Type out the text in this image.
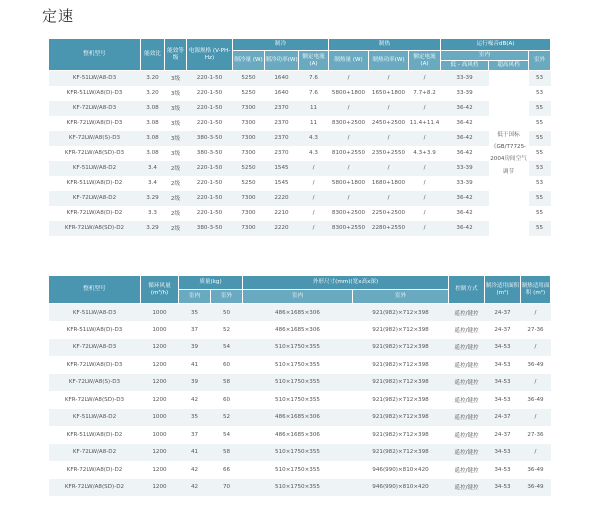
定速
整机型号	能效比	能效等级	电源规格 (V-PH-Hz)	制冷			制热			运行噪音dB(A)		
				制冷量 (W)	制冷功率(W)	额定电流 (A)	制热量 (W)	制热功率(W)	额定电流 (A)	室内		室外
										低 - 高风档	超高风档	
KF-51LW/A8-D3	3.20	3级	220-1-50	5250	1640	7.6	/	/	/	33-39	低于国标《GB/T7725-2004房间空气调节	53
KFR-51LW/A8(D)-D3	3.20	3级	220-1-50	5250	1640	7.6	5800+1800	1650+1800	7.7+8.2	33-39		53
KF-72LW/A8-D3	3.08	3级	220-1-50	7300	2370	11	/	/	/	36-42		55
KFR-72LW/A8(D)-D3	3.08	3级	220-1-50	7300	2370	11	8300+2500	2450+2500	11.4+11.4	36-42		55
KF-72LW/A8(S)-D3	3.08	3级	380-3-50	7300	2370	4.3	/	/	/	36-42		55
KFR-72LW/A8(SD)-D3	3.08	3级	380-3-50	7300	2370	4.3	8100+2550	2350+2550	4.3+3.9	36-42		55
KF-51LW/A8-D2	3.4	2级	220-1-50	5250	1545	/	/	/	/	33-39		53
KFR-51LW/A8(D)-D2	3.4	2级	220-1-50	5250	1545	/	5800+1800	1680+1800	/	33-39		53
KF-72LW/A8-D2	3.29	2级	220-1-50	7300	2220	/	/	/	/	36-42		55
KFR-72LW/A8(D)-D2	3.3	2级	220-1-50	7300	2210	/	8300+2500	2250+2500	/	36-42		55
KFR-72LW/A8(SD)-D2	3.29	2级	380-3-50	7300	2220	/	8300+2550	2280+2550	/	36-42		55
整机型号	循环风量 (m³/h)	质量(kg)		外形尺寸(mm)(宽x高x深)		控制方式	制冷适用面积 (m²)	制热适用面积 (m²)
		室内	室外	室内	室外			
KF-51LW/A8-D3	1000	35	50	486×1685×306	921(982)×712×398	遥控/键控	24-37	/
KFR-51LW/A8(D)-D3	1000	37	52	486×1685×306	921(982)×712×398	遥控/键控	24-37	27-36
KF-72LW/A8-D3	1200	39	54	510×1750×355	921(982)×712×398	遥控/键控	34-53	/
KFR-72LW/A8(D)-D3	1200	41	60	510×1750×355	921(982)×712×398	遥控/键控	34-53	36-49
KF-72LW/A8(S)-D3	1200	39	58	510×1750×355	921(982)×712×398	遥控/键控	34-53	/
KFR-72LW/A8(SD)-D3	1200	42	60	510×1750×355	921(982)×712×398	遥控/键控	34-53	36-49
KF-51LW/A8-D2	1000	35	52	486×1685×306	921(982)×712×398	遥控/键控	24-37	/
KFR-51LW/A8(D)-D2	1000	37	54	486×1685×306	921(982)×712×398	遥控/键控	24-37	27-36
KF-72LW/A8-D2	1200	41	58	510×1750×355	921(982)×712×398	遥控/键控	34-53	/
KFR-72LW/A8(D)-D2	1200	42	66	510×1750×355	946(990)×810×420	遥控/键控	34-53	36-49
KFR-72LW/A8(SD)-D2	1200	42	70	510×1750×355	946(990)×810×420	遥控/键控	34-53	36-49
